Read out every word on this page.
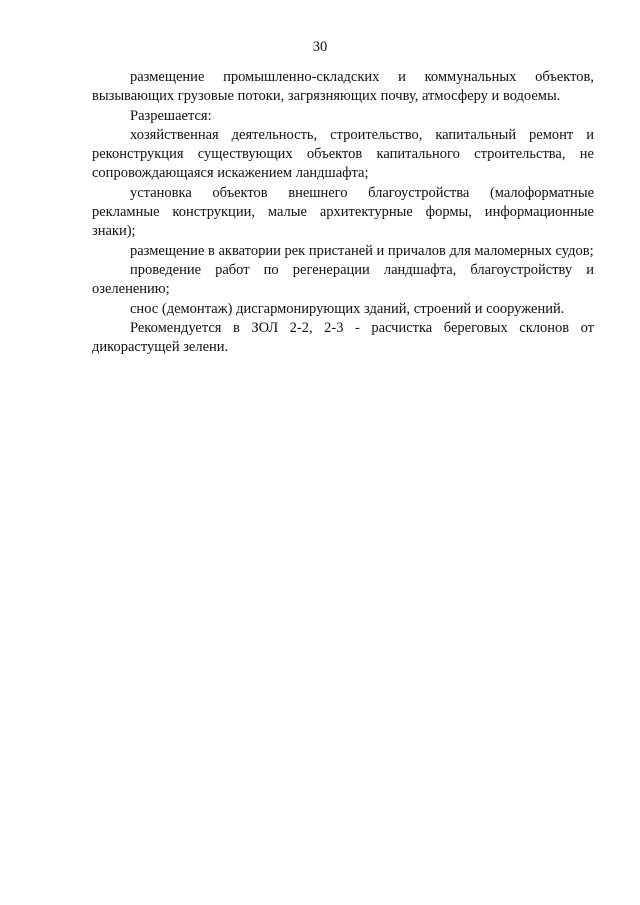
30

размещение промышленно-складских и коммунальных объектов, вызывающих грузовые потоки, загрязняющих почву, атмосферу и водоемы.

Разрешается:

хозяйственная деятельность, строительство, капитальный ремонт и реконструкция существующих объектов капитального строительства, не сопровождающаяся искажением ландшафта;

установка объектов внешнего благоустройства (малоформатные рекламные конструкции, малые архитектурные формы, информационные знаки);

размещение в акватории рек пристаней и причалов для маломерных судов;

проведение работ по регенерации ландшафта, благоустройству и озеленению;

снос (демонтаж) дисгармонирующих зданий, строений и сооружений.

Рекомендуется в ЗОЛ 2-2, 2-3 - расчистка береговых склонов от дикорастущей зелени.
